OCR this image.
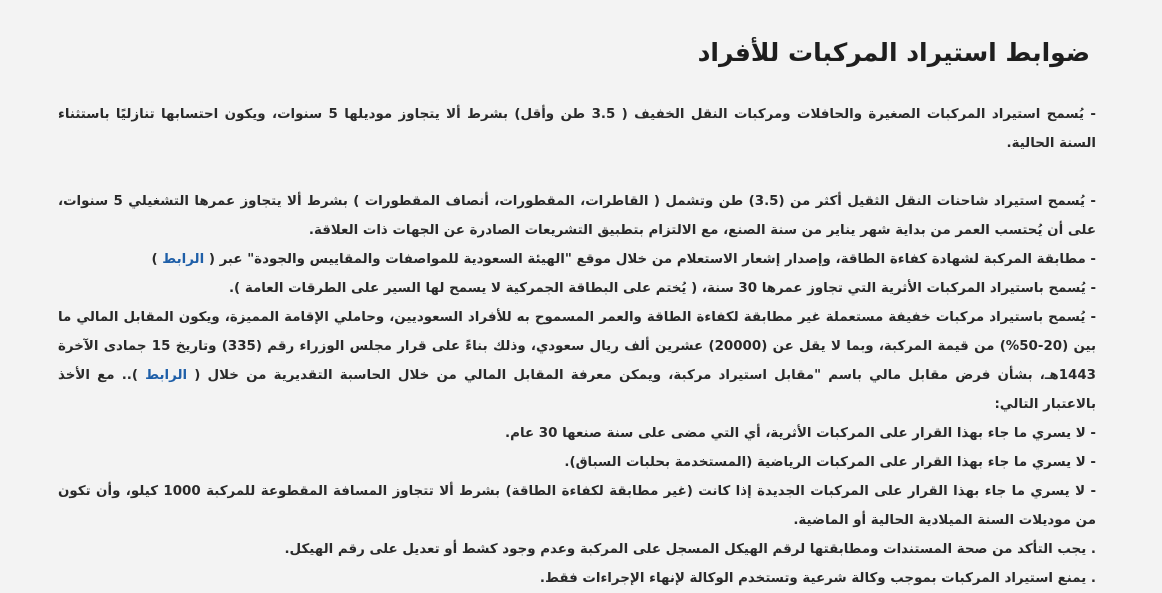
ضوابط استيراد المركبات للأفراد

- يُسمح استيراد المركبات الصغيرة والحافلات ومركبات النقل الخفيف ( 3.5 طن وأقل) بشرط ألا يتجاوز موديلها 5 سنوات، ويكون احتسابها تنازليًا باستثناء السنة الحالية.

- يُسمح استيراد شاحنات النقل الثقيل أكثر من (3.5) طن وتشمل ( القاطرات، المقطورات، أنصاف المقطورات ) بشرط ألا يتجاوز عمرها التشغيلي 5 سنوات، على أن يُحتسب العمر من بداية شهر يناير من سنة الصنع، مع الالتزام بتطبيق التشريعات الصادرة عن الجهات ذات العلاقة.

- مطابقة المركبة لشهادة كفاءة الطاقة، وإصدار إشعار الاستعلام من خلال موقع "الهيئة السعودية للمواصفات والمقاييس والجودة" عبر ( الرابط )

- يُسمح باستيراد المركبات الأثرية التي تجاوز عمرها 30 سنة، ( يُختم على البطاقة الجمركية لا يسمح لها السير على الطرقات العامة ).

- يُسمح باستيراد مركبات خفيفة مستعملة غير مطابقة لكفاءة الطاقة والعمر المسموح به للأفراد السعوديين، وحاملي الإقامة المميزة، ويكون المقابل المالي ما بين (20-50%) من قيمة المركبة، وبما لا يقل عن (20000) عشرين ألف ريال سعودي، وذلك بناءً على قرار مجلس الوزراء رقم (335) وتاريخ 15 جمادى الآخرة 1443هـ، بشأن فرض مقابل مالي باسم "مقابل استيراد مركبة، ويمكن معرفة المقابل المالي من خلال الحاسبة التقديرية من خلال ( الرابط ).. مع الأخذ بالاعتبار التالي:

- لا يسري ما جاء بهذا القرار على المركبات الأثرية، أي التي مضى على سنة صنعها 30 عام.

- لا يسري ما جاء بهذا القرار على المركبات الرياضية (المستخدمة بحلبات السباق).

- لا يسري ما جاء بهذا القرار على المركبات الجديدة إذا كانت (غير مطابقة لكفاءة الطاقة) بشرط ألا تتجاوز المسافة المقطوعة للمركبة 1000 كيلو، وأن تكون من موديلات السنة الميلادية الحالية أو الماضية.

. يجب التأكد من صحة المستندات ومطابقتها لرقم الهيكل المسجل على المركبة وعدم وجود كشط أو تعديل على رقم الهيكل.

. يمنع استيراد المركبات بموجب وكالة شرعية وتستخدم الوكالة لإنهاء الإجراءات فقط.
